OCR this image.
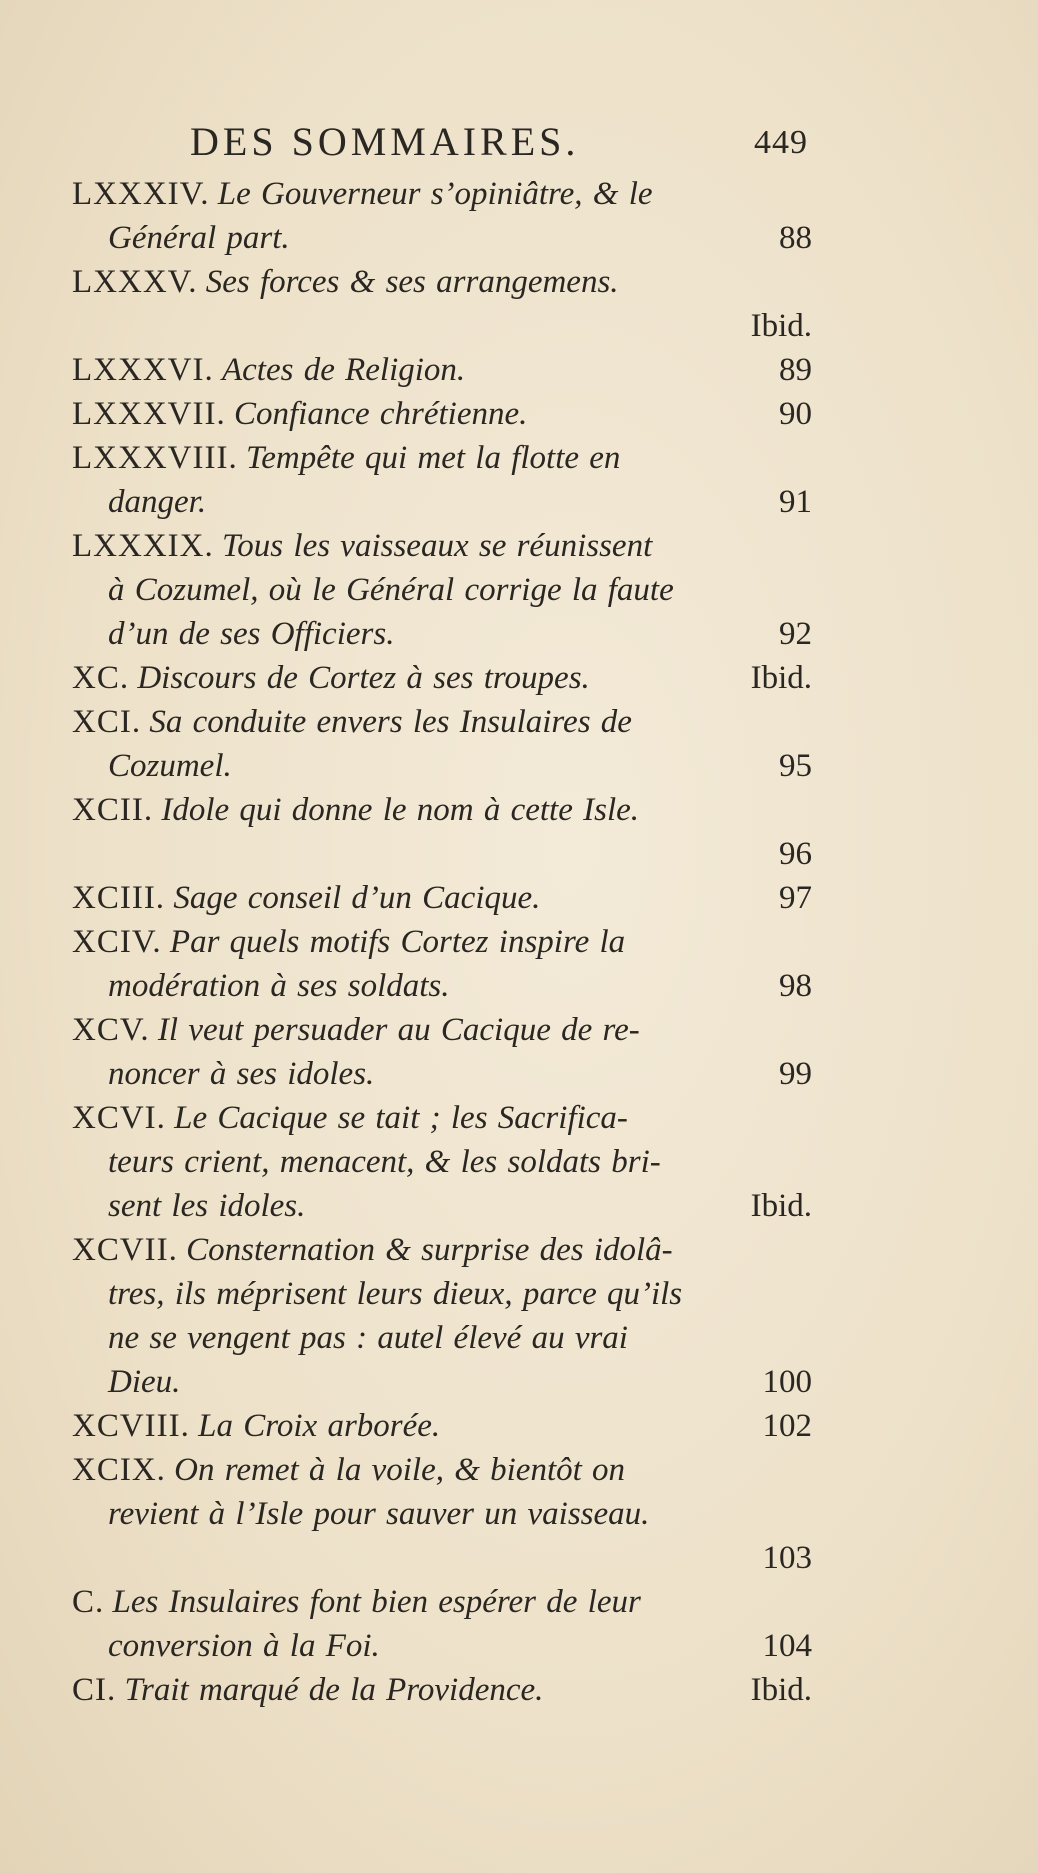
DES SOMMAIRES.	449
LXXXIV. Le Gouverneur s’opiniâtre, & le
Général part.	88
LXXXV. Ses forces & ses arrangemens.
Ibid.
LXXXVI. Actes de Religion.	89
LXXXVII. Confiance chrétienne.	90
LXXXVIII. Tempête qui met la flotte en
danger.	91
LXXXIX. Tous les vaisseaux se réunissent
à Cozumel, où le Général corrige la faute
d’un de ses Officiers.	92
XC. Discours de Cortez à ses troupes.	Ibid.
XCI. Sa conduite envers les Insulaires de
Cozumel.	95
XCII. Idole qui donne le nom à cette Isle.
96
XCIII. Sage conseil d’un Cacique.	97
XCIV. Par quels motifs Cortez inspire la
modération à ses soldats.	98
XCV. Il veut persuader au Cacique de re-
noncer à ses idoles.	99
XCVI. Le Cacique se tait ; les Sacrifica-
teurs crient, menacent, & les soldats bri-
sent les idoles.	Ibid.
XCVII. Consternation & surprise des idolâ-
tres, ils méprisent leurs dieux, parce qu’ils
ne se vengent pas : autel élevé au vrai
Dieu.	100
XCVIII. La Croix arborée.	102
XCIX. On remet à la voile, & bientôt on
revient à l’Isle pour sauver un vaisseau.
103
C. Les Insulaires font bien espérer de leur
conversion à la Foi.	104
CI. Trait marqué de la Providence.	Ibid.
